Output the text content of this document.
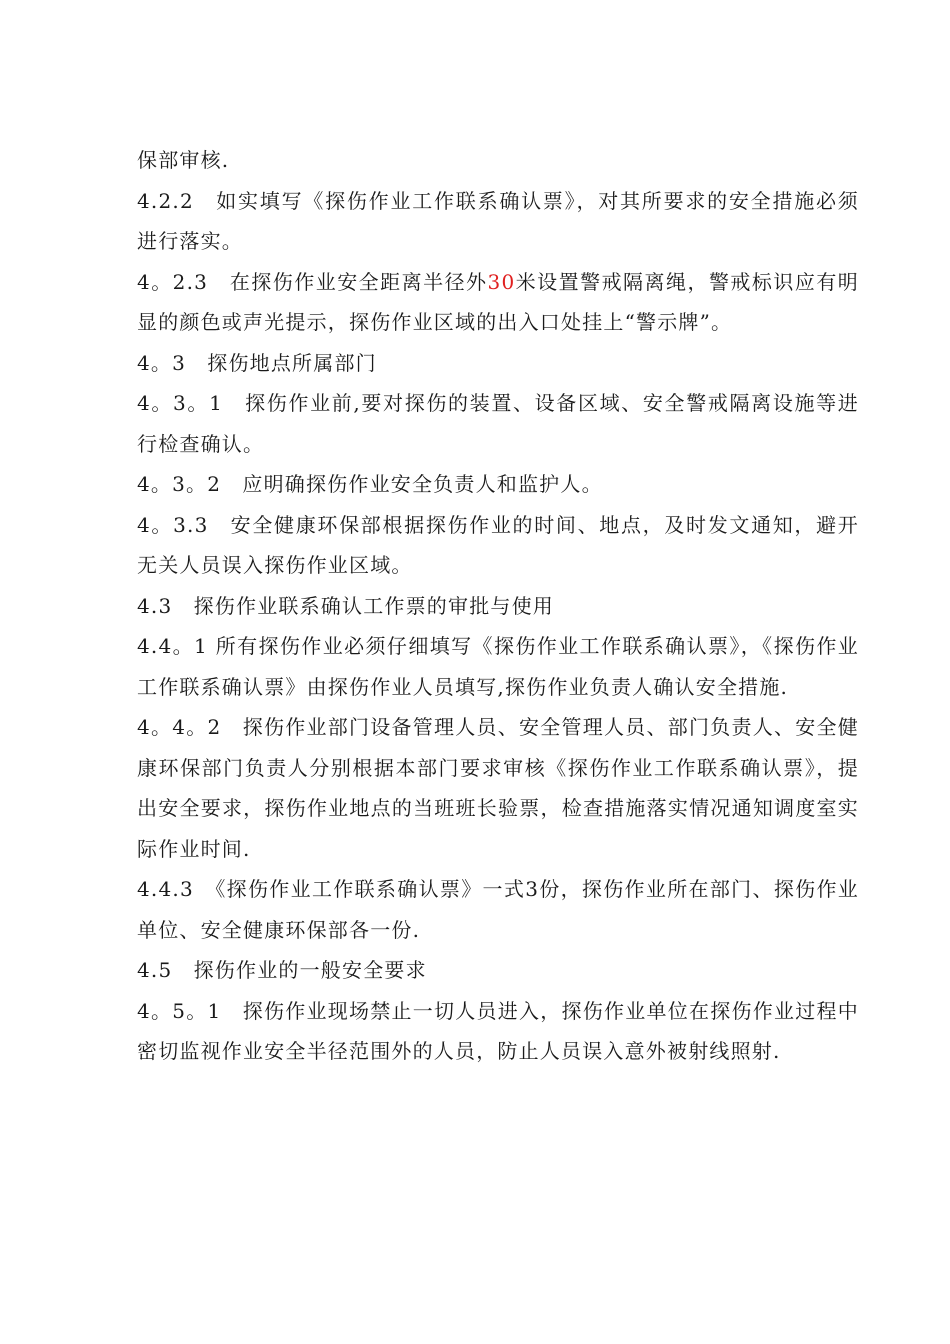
保部审核.

4.2.2　如实填写《探伤作业工作联系确认票》，对其所要求的安全措施必须进行落实。

4。2.3　在探伤作业安全距离半径外30米设置警戒隔离绳，警戒标识应有明显的颜色或声光提示，探伤作业区域的出入口处挂上“警示牌”。

4。3　探伤地点所属部门

4。3。1　探伤作业前,要对探伤的装置、设备区域、安全警戒隔离设施等进行检查确认。

4。3。2　应明确探伤作业安全负责人和监护人。

4。3.3　安全健康环保部根据探伤作业的时间、地点，及时发文通知，避开无关人员误入探伤作业区域。

4.3　探伤作业联系确认工作票的审批与使用

4.4。1 所有探伤作业必须仔细填写《探伤作业工作联系确认票》，《探伤作业工作联系确认票》由探伤作业人员填写,探伤作业负责人确认安全措施.

4。4。2　探伤作业部门设备管理人员、安全管理人员、部门负责人、安全健康环保部门负责人分别根据本部门要求审核《探伤作业工作联系确认票》，提出安全要求，探伤作业地点的当班班长验票，检查措施落实情况通知调度室实际作业时间.

4.4.3　《探伤作业工作联系确认票》一式3份，探伤作业所在部门、探伤作业单位、安全健康环保部各一份.

4.5　探伤作业的一般安全要求

4。5。1　探伤作业现场禁止一切人员进入，探伤作业单位在探伤作业过程中密切监视作业安全半径范围外的人员，防止人员误入意外被射线照射.
